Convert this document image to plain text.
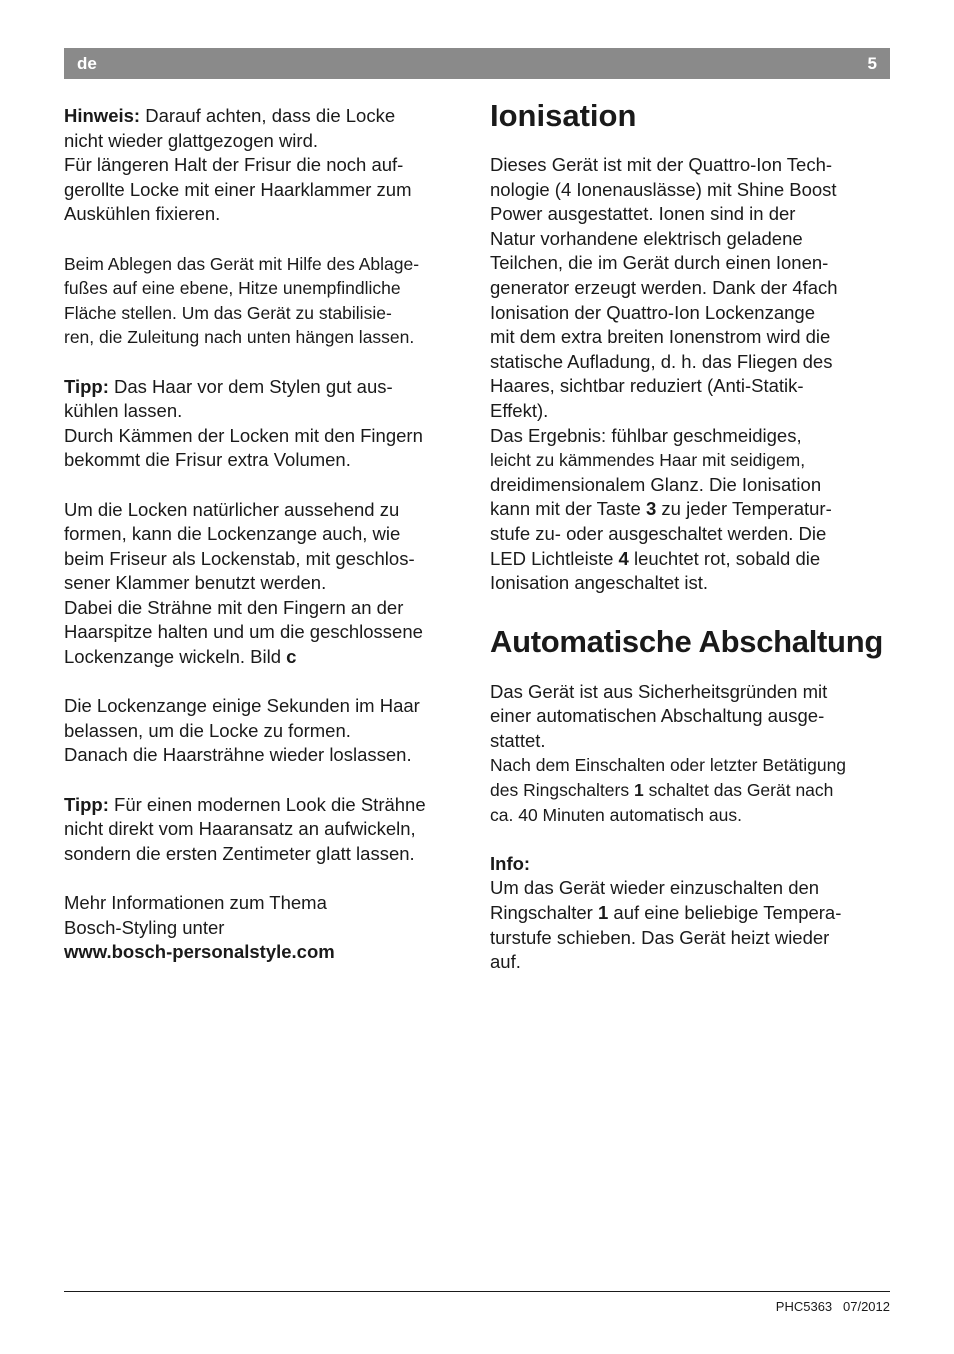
de	5

Hinweis: Darauf achten, dass die Locke
nicht wieder glattgezogen wird.
Für längeren Halt der Frisur die noch auf-
gerollte Locke mit einer Haarklammer zum
Auskühlen fixieren.

Beim Ablegen das Gerät mit Hilfe des Ablage-
fußes auf eine ebene, Hitze unempfindliche
Fläche stellen. Um das Gerät zu stabilisie-
ren, die Zuleitung nach unten hängen lassen.

Tipp: Das Haar vor dem Stylen gut aus-
kühlen lassen.
Durch Kämmen der Locken mit den Fingern
bekommt die Frisur extra Volumen.

Um die Locken natürlicher aussehend zu
formen, kann die Lockenzange auch, wie
beim Friseur als Lockenstab, mit geschlos-
sener Klammer benutzt werden.
Dabei die Strähne mit den Fingern an der
Haarspitze halten und um die geschlossene
Lockenzange wickeln. Bild c

Die Lockenzange einige Sekunden im Haar
belassen, um die Locke zu formen.
Danach die Haarsträhne wieder loslassen.

Tipp: Für einen modernen Look die Strähne
nicht direkt vom Haaransatz an aufwickeln,
sondern die ersten Zentimeter glatt lassen.

Mehr Informationen zum Thema
Bosch-Styling unter
www.bosch-personalstyle.com

Ionisation

Dieses Gerät ist mit der Quattro-Ion Tech-
nologie (4 Ionenauslässe) mit Shine Boost
Power ausgestattet. Ionen sind in der
Natur vorhandene elektrisch geladene
Teilchen, die im Gerät durch einen Ionen-
generator erzeugt werden. Dank der 4fach
Ionisation der Quattro-Ion Lockenzange
mit dem extra breiten Ionenstrom wird die
statische Aufladung, d. h. das Fliegen des
Haares, sichtbar reduziert (Anti-Statik-
Effekt).
Das Ergebnis: fühlbar geschmeidiges,
leicht zu kämmendes Haar mit seidigem,
dreidimensionalem Glanz. Die Ionisation
kann mit der Taste 3 zu jeder Temperatur-
stufe zu- oder ausgeschaltet werden. Die
LED Lichtleiste 4 leuchtet rot, sobald die
Ionisation angeschaltet ist.

Automatische Abschaltung

Das Gerät ist aus Sicherheitsgründen mit
einer automatischen Abschaltung ausge-
stattet.
Nach dem Einschalten oder letzter Betätigung
des Ringschalters 1 schaltet das Gerät nach
ca. 40 Minuten automatisch aus.

Info:
Um das Gerät wieder einzuschalten den
Ringschalter 1 auf eine beliebige Tempera-
turstufe schieben. Das Gerät heizt wieder
auf.

PHC5363 07/2012
